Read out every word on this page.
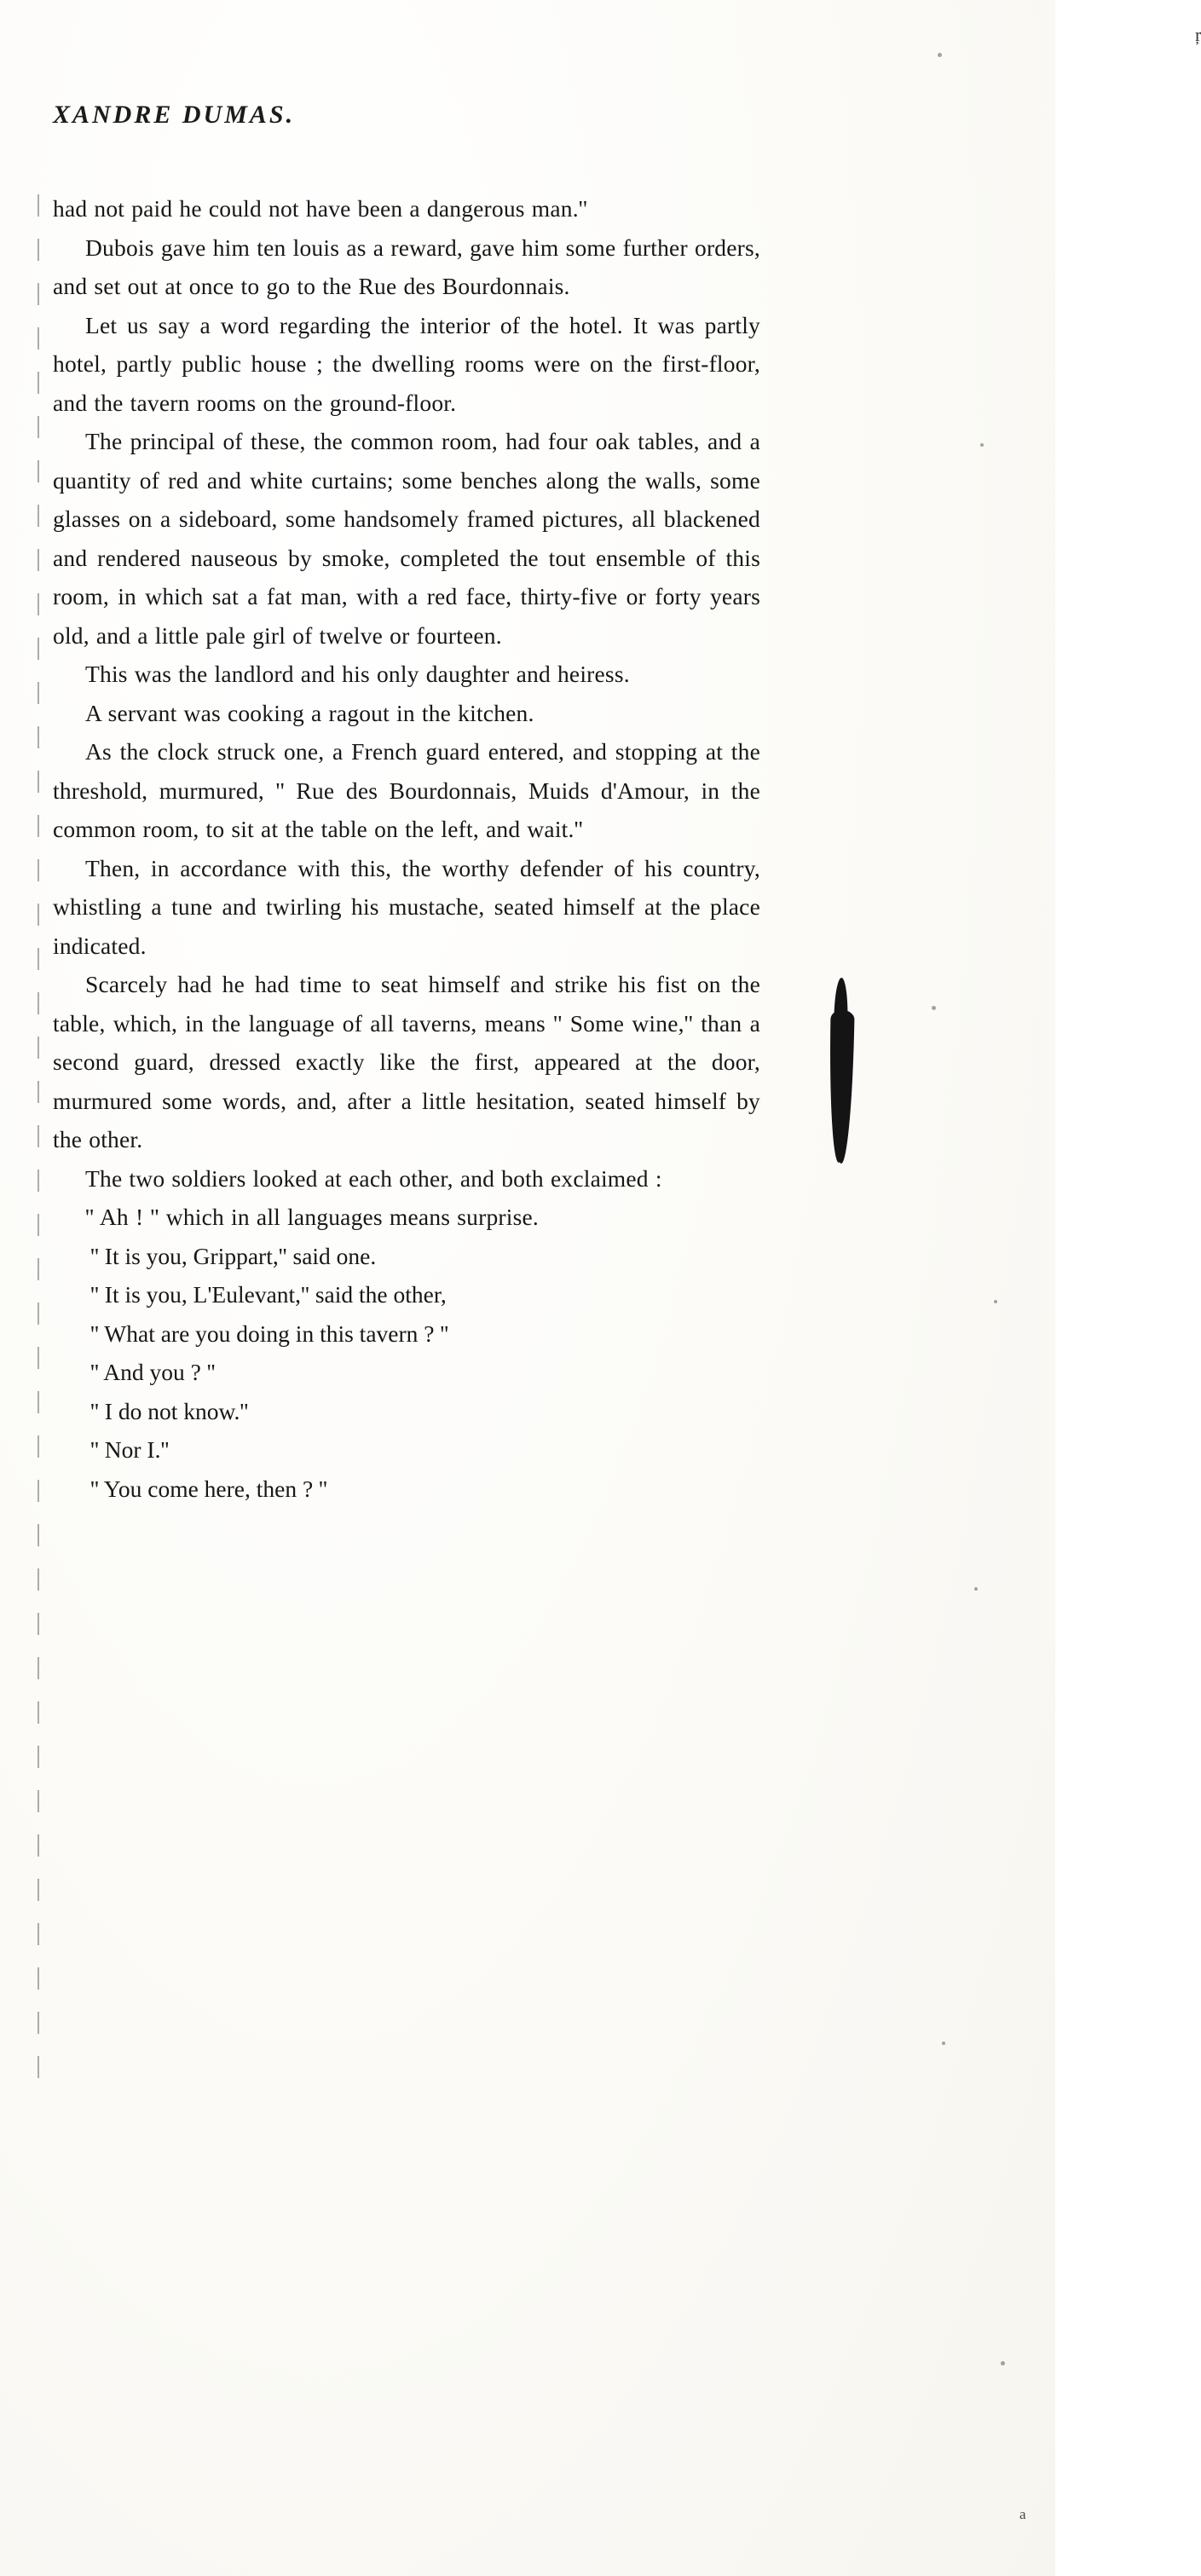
ŗ
XANDRE DUMAS.

had not paid he could not have been a dangerous man.''

Dubois gave him ten louis as a reward, gave him some further orders, and set out at once to go to the Rue des Bourdonnais.

Let us say a word regarding the interior of the hotel. It was partly hotel, partly public house ; the dwelling rooms were on the first-floor, and the tavern rooms on the ground-floor.

The principal of these, the common room, had four oak tables, and a quantity of red and white curtains; some benches along the walls, some glasses on a sideboard, some handsomely framed pictures, all blackened and rendered nauseous by smoke, completed the tout ensemble of this room, in which sat a fat man, with a red face, thirty-five or forty years old, and a little pale girl of twelve or fourteen.

This was the landlord and his only daughter and heiress.

A servant was cooking a ragout in the kitchen.

As the clock struck one, a French guard entered, and stopping at the threshold, murmured, '' Rue des Bourdonnais, Muids d'Amour, in the common room, to sit at the table on the left, and wait.''

Then, in accordance with this, the worthy defender of his country, whistling a tune and twirling his mustache, seated himself at the place indicated.

Scarcely had he had time to seat himself and strike his fist on the table, which, in the language of all taverns, means '' Some wine,'' than a second guard, dressed exactly like the first, appeared at the door, murmured some words, and, after a little hesitation, seated himself by the other.

The two soldiers looked at each other, and both exclaimed :

'' Ah ! '' which in all languages means surprise.

'' It is you, Grippart,'' said one.

'' It is you, L'Eulevant,'' said the other,

'' What are you doing in this tavern ? ''

'' And you ? ''

'' I do not know.''

'' Nor I.''

'' You come here, then ? ''

a
